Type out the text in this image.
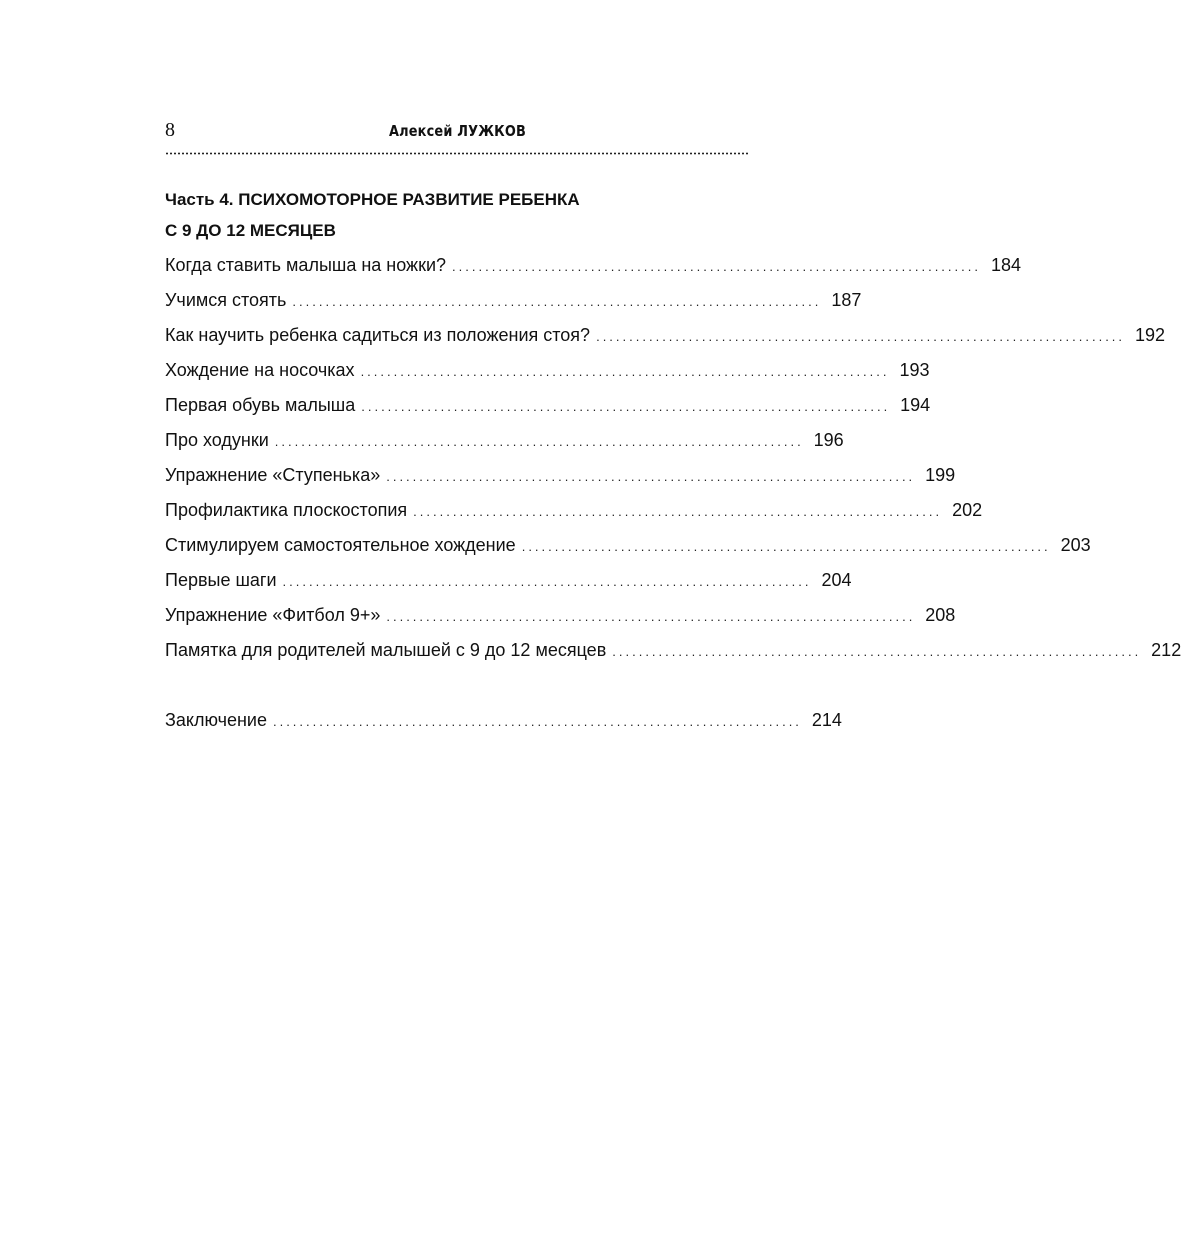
8	Алексей ЛУЖКОВ
Часть 4. ПСИХОМОТОРНОЕ РАЗВИТИЕ РЕБЕНКА
С 9 ДО 12 МЕСЯЦЕВ
Когда ставить малыша на ножки? ................................................................................ 184
Учимся стоять ................................................................................ 187
Как научить ребенка садиться из положения стоя? ................................................................................ 192
Хождение на носочках ................................................................................ 193
Первая обувь малыша ................................................................................ 194
Про ходунки ................................................................................ 196
Упражнение «Ступенька» ................................................................................ 199
Профилактика плоскостопия ................................................................................ 202
Стимулируем самостоятельное хождение ................................................................................ 203
Первые шаги ................................................................................ 204
Упражнение «Фитбол 9+» ................................................................................ 208
Памятка для родителей малышей с 9 до 12 месяцев ................................................................................ 212
Заключение ................................................................................ 214
